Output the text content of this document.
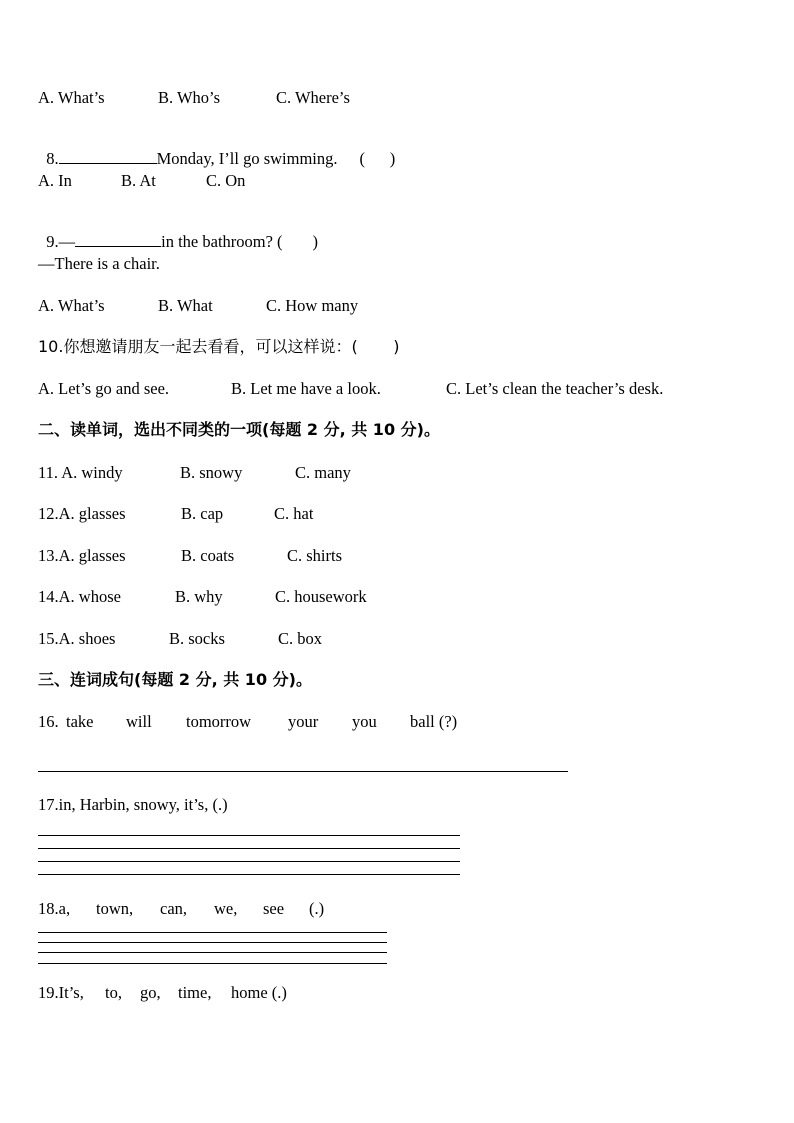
A. What’s	B. Who’s	C. Where’s

8.	Monday, I’ll go swimming. (      )

A. In	B. At	C. On

9.—	in the bathroom? ( )

—There is a chair.
A. What’s	B. What	C. How many
10.你想邀请朋友一起去看看，可以这样说：(       )
A. Let’s go and see.	B. Let me have a look.	C. Let’s clean the teacher’s desk.
二、读单词，选出不同类的一项(每题 2 分, 共 10 分)。
11. A. windy	B. snowy	C. many
12.A. glasses	B. cap	C. hat
13.A. glasses	B. coats	C. shirts
14.A. whose	B. why	C. housework
15.A. shoes	B. socks	C. box
三、连词成句(每题 2 分, 共 10 分)。
16. take will tomorrow your you ball (?)
17.in, Harbin, snowy, it’s, (.)
18.a, town, can, we, see (.)
19.It’s, to, go, time, home (.)
